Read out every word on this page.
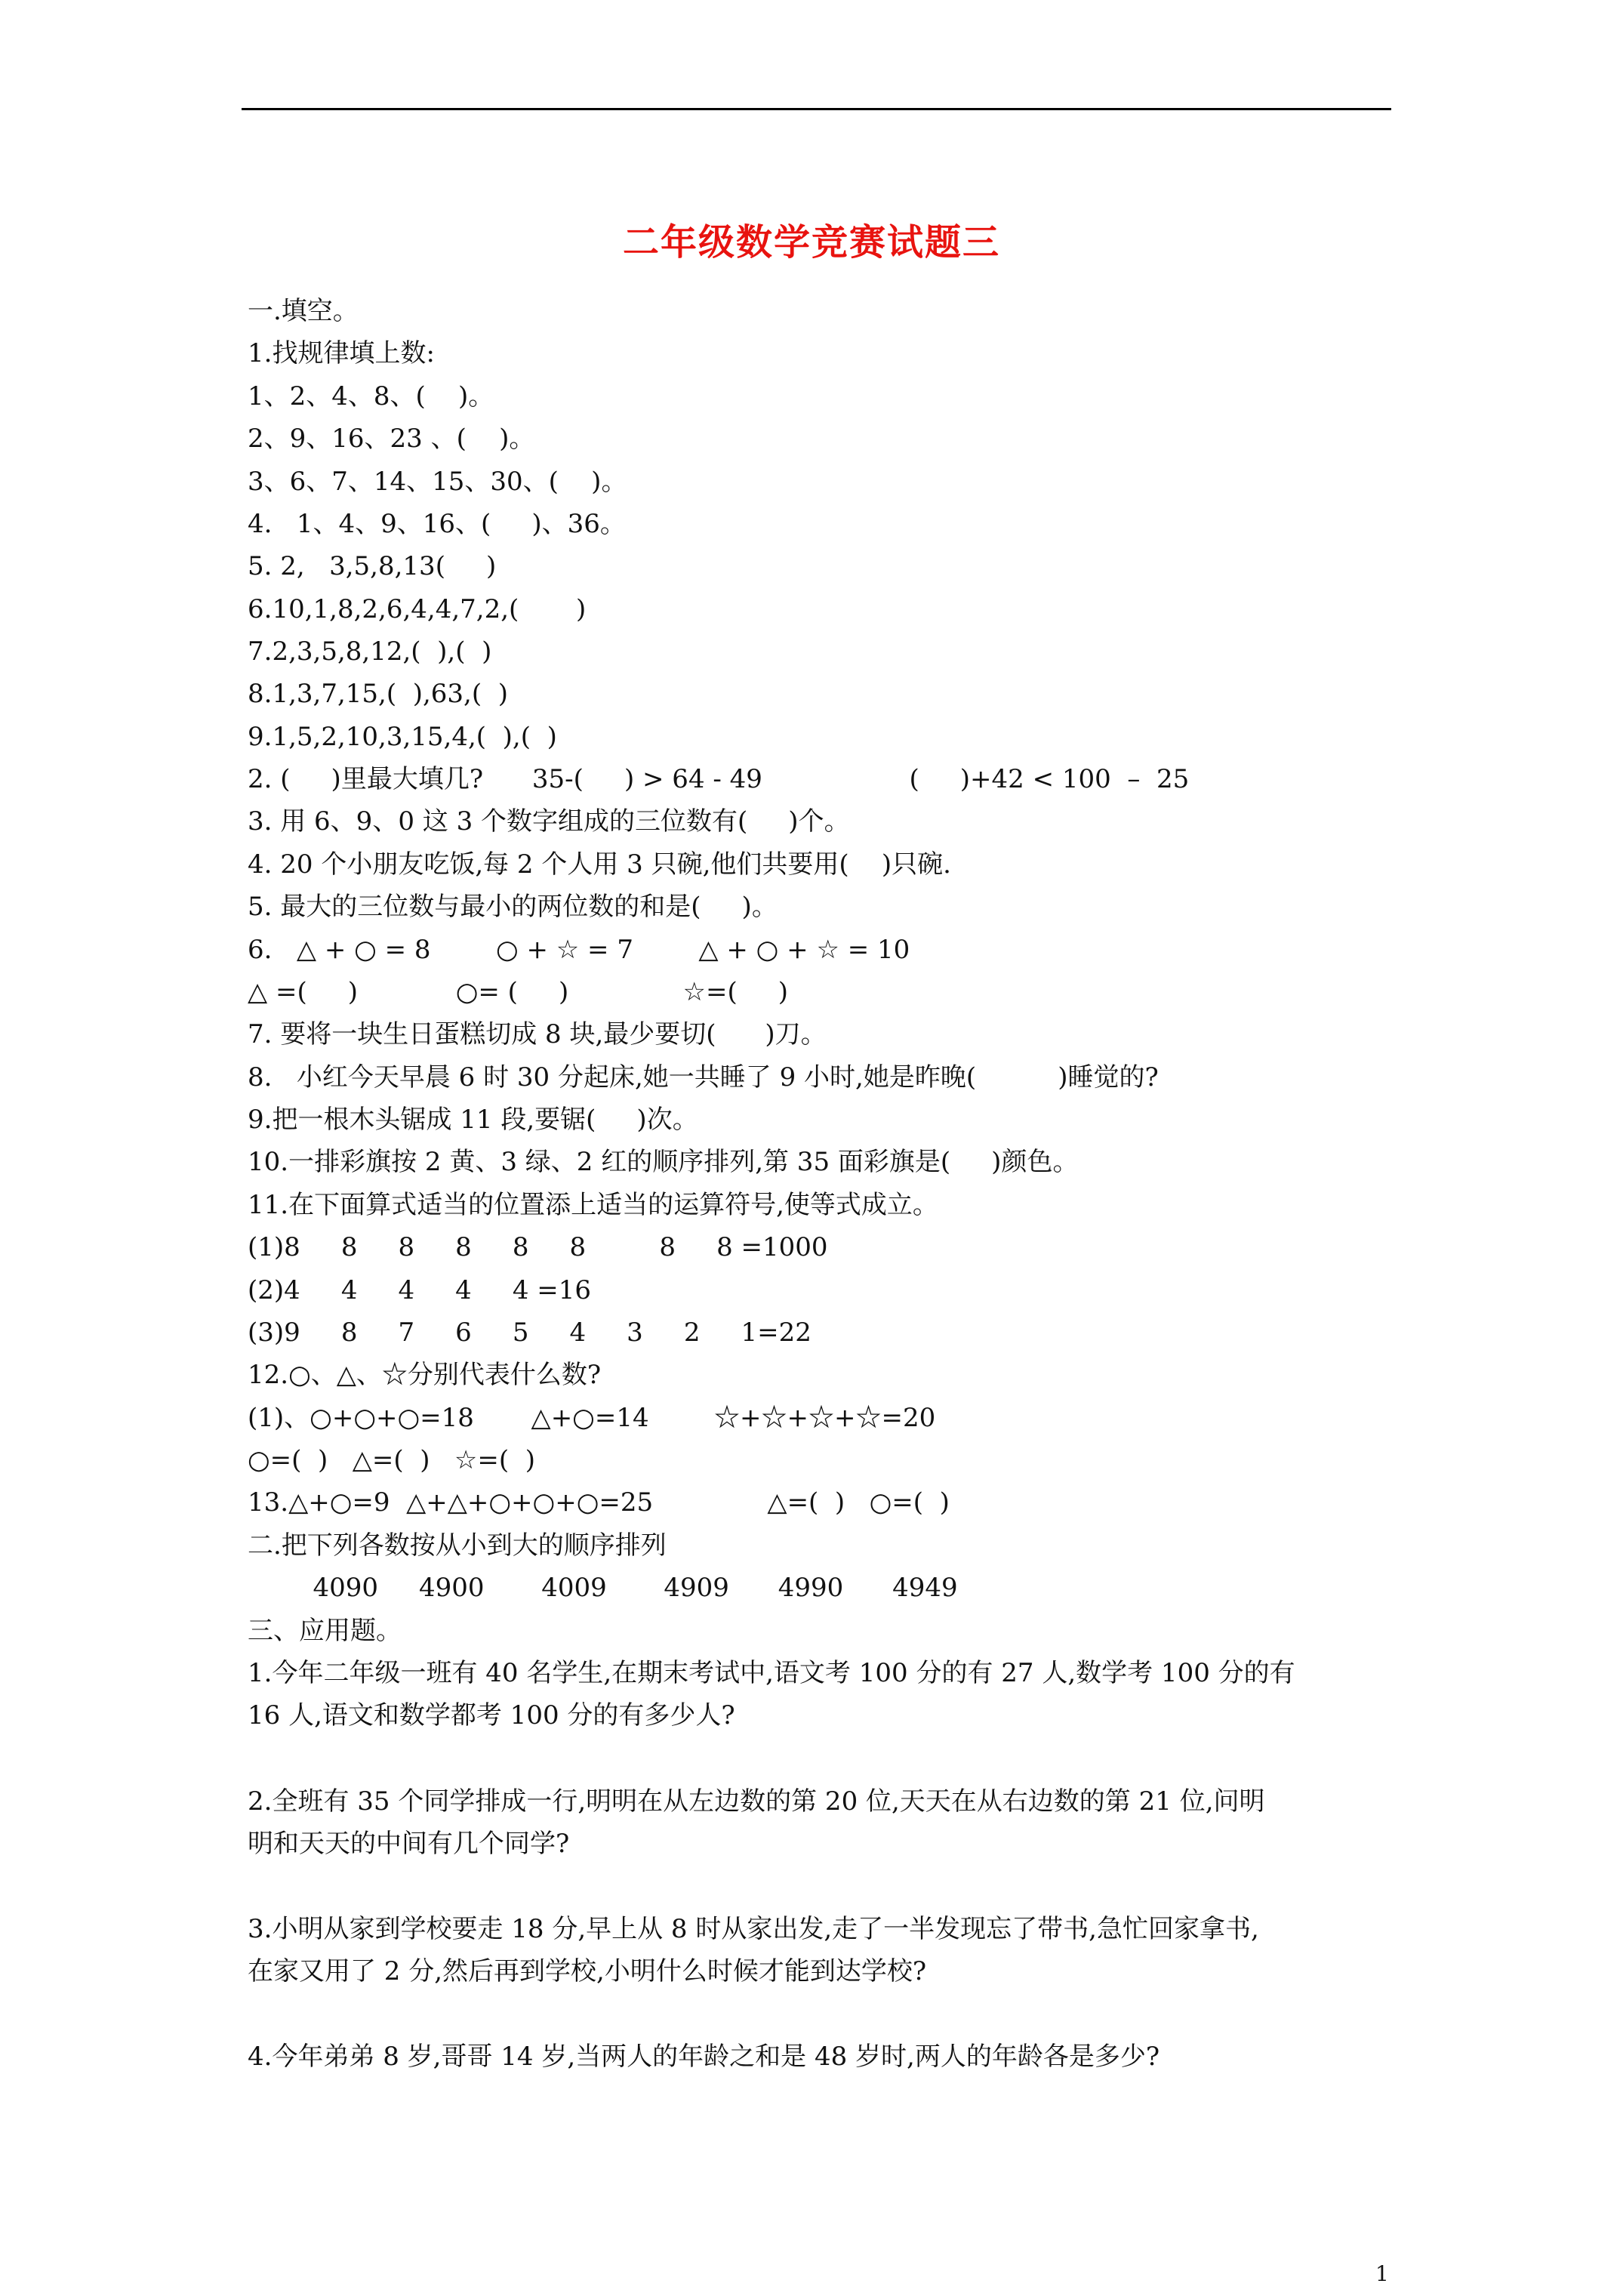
二年级数学竞赛试题三
一.填空。
1.找规律填上数:
1、2、4、8、(    )。
2、9、16、23 、(    )。
3、6、7、14、15、30、(    )。
4.   1、4、9、16、(     )、36。
5. 2,   3,5,8,13(     )
6.10,1,8,2,6,4,4,7,2,(       )
7.2,3,5,8,12,(  ),(  )
8.1,3,7,15,(  ),63,(  )
9.1,5,2,10,3,15,4,(  ),(  )
2. (     )里最大填几?      35-(     ) > 64 - 49                  (     )+42 < 100  –  25
3. 用 6、9、0 这 3 个数字组成的三位数有(     )个。
4. 20 个小朋友吃饭,每 2 个人用 3 只碗,他们共要用(    )只碗.
5. 最大的三位数与最小的两位数的和是(     )。
6.   △ + ○ = 8        ○ + ☆ = 7        △ + ○ + ☆ = 10
△ =(     )            ○= (     )              ☆=(     )
7. 要将一块生日蛋糕切成 8 块,最少要切(      )刀。
8.   小红今天早晨 6 时 30 分起床,她一共睡了 9 小时,她是昨晚(          )睡觉的?
9.把一根木头锯成 11 段,要锯(     )次。
10.一排彩旗按 2 黄、3 绿、2 红的顺序排列,第 35 面彩旗是(     )颜色。
11.在下面算式适当的位置添上适当的运算符号,使等式成立。
(1)8     8     8     8     8     8         8     8 =1000
(2)4     4     4     4     4 =16
(3)9     8     7     6     5     4     3     2     1=22
12.○、△、☆分别代表什么数?
(1)、○+○+○=18       △+○=14        ☆+☆+☆+☆=20
○=(  )   △=(  )   ☆=(  )
13.△+○=9  △+△+○+○+○=25              △=(  )   ○=(  )
二.把下列各数按从小到大的顺序排列
4090     4900       4009       4909      4990      4949
三、应用题。
1.今年二年级一班有 40 名学生,在期末考试中,语文考 100 分的有 27 人,数学考 100 分的有
16 人,语文和数学都考 100 分的有多少人?
2.全班有 35 个同学排成一行,明明在从左边数的第 20 位,天天在从右边数的第 21 位,问明
明和天天的中间有几个同学?
3.小明从家到学校要走 18 分,早上从 8 时从家出发,走了一半发现忘了带书,急忙回家拿书,
在家又用了 2 分,然后再到学校,小明什么时候才能到达学校?
4.今年弟弟 8 岁,哥哥 14 岁,当两人的年龄之和是 48 岁时,两人的年龄各是多少?
1
